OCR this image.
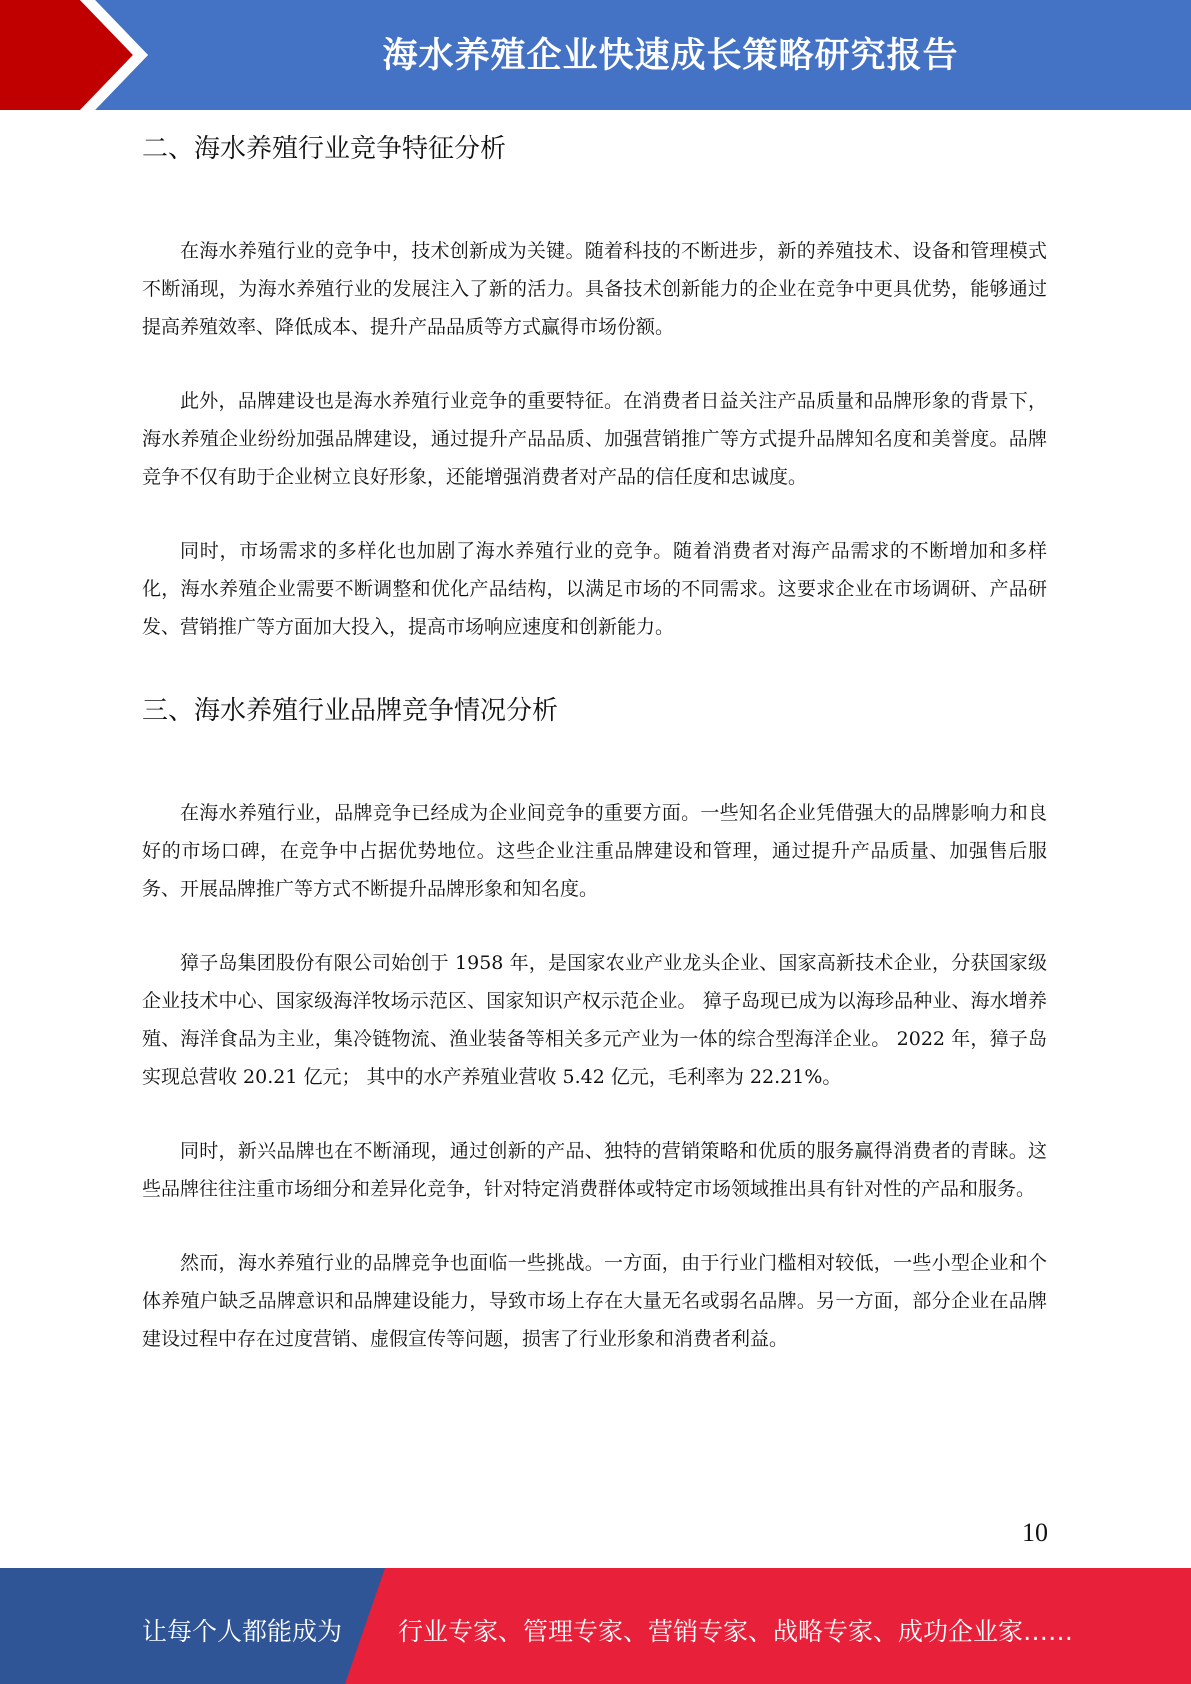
海水养殖企业快速成长策略研究报告
二、海水养殖行业竞争特征分析

在海水养殖行业的竞争中，技术创新成为关键。随着科技的不断进步，新的养殖技术、设备和管理模式不断涌现，为海水养殖行业的发展注入了新的活力。具备技术创新能力的企业在竞争中更具优势，能够通过提高养殖效率、降低成本、提升产品品质等方式赢得市场份额。

此外，品牌建设也是海水养殖行业竞争的重要特征。在消费者日益关注产品质量和品牌形象的背景下，海水养殖企业纷纷加强品牌建设，通过提升产品品质、加强营销推广等方式提升品牌知名度和美誉度。品牌竞争不仅有助于企业树立良好形象，还能增强消费者对产品的信任度和忠诚度。

同时，市场需求的多样化也加剧了海水养殖行业的竞争。随着消费者对海产品需求的不断增加和多样化，海水养殖企业需要不断调整和优化产品结构，以满足市场的不同需求。这要求企业在市场调研、产品研发、营销推广等方面加大投入，提高市场响应速度和创新能力。

三、海水养殖行业品牌竞争情况分析

在海水养殖行业，品牌竞争已经成为企业间竞争的重要方面。一些知名企业凭借强大的品牌影响力和良好的市场口碑，在竞争中占据优势地位。这些企业注重品牌建设和管理，通过提升产品质量、加强售后服务、开展品牌推广等方式不断提升品牌形象和知名度。

獐子岛集团股份有限公司始创于 1958 年，是国家农业产业龙头企业、国家高新技术企业，分获国家级企业技术中心、国家级海洋牧场示范区、国家知识产权示范企业。 獐子岛现已成为以海珍品种业、海水增养殖、海洋食品为主业，集冷链物流、渔业装备等相关多元产业为一体的综合型海洋企业。 2022 年，獐子岛实现总营收 20.21 亿元； 其中的水产养殖业营收 5.42 亿元，毛利率为 22.21%。

同时，新兴品牌也在不断涌现，通过创新的产品、独特的营销策略和优质的服务赢得消费者的青睐。这些品牌往往注重市场细分和差异化竞争，针对特定消费群体或特定市场领域推出具有针对性的产品和服务。

然而，海水养殖行业的品牌竞争也面临一些挑战。一方面，由于行业门槛相对较低，一些小型企业和个体养殖户缺乏品牌意识和品牌建设能力，导致市场上存在大量无名或弱名品牌。另一方面，部分企业在品牌建设过程中存在过度营销、虚假宣传等问题，损害了行业形象和消费者利益。

10
让每个人都能成为 行业专家、管理专家、营销专家、战略专家、成功企业家……
